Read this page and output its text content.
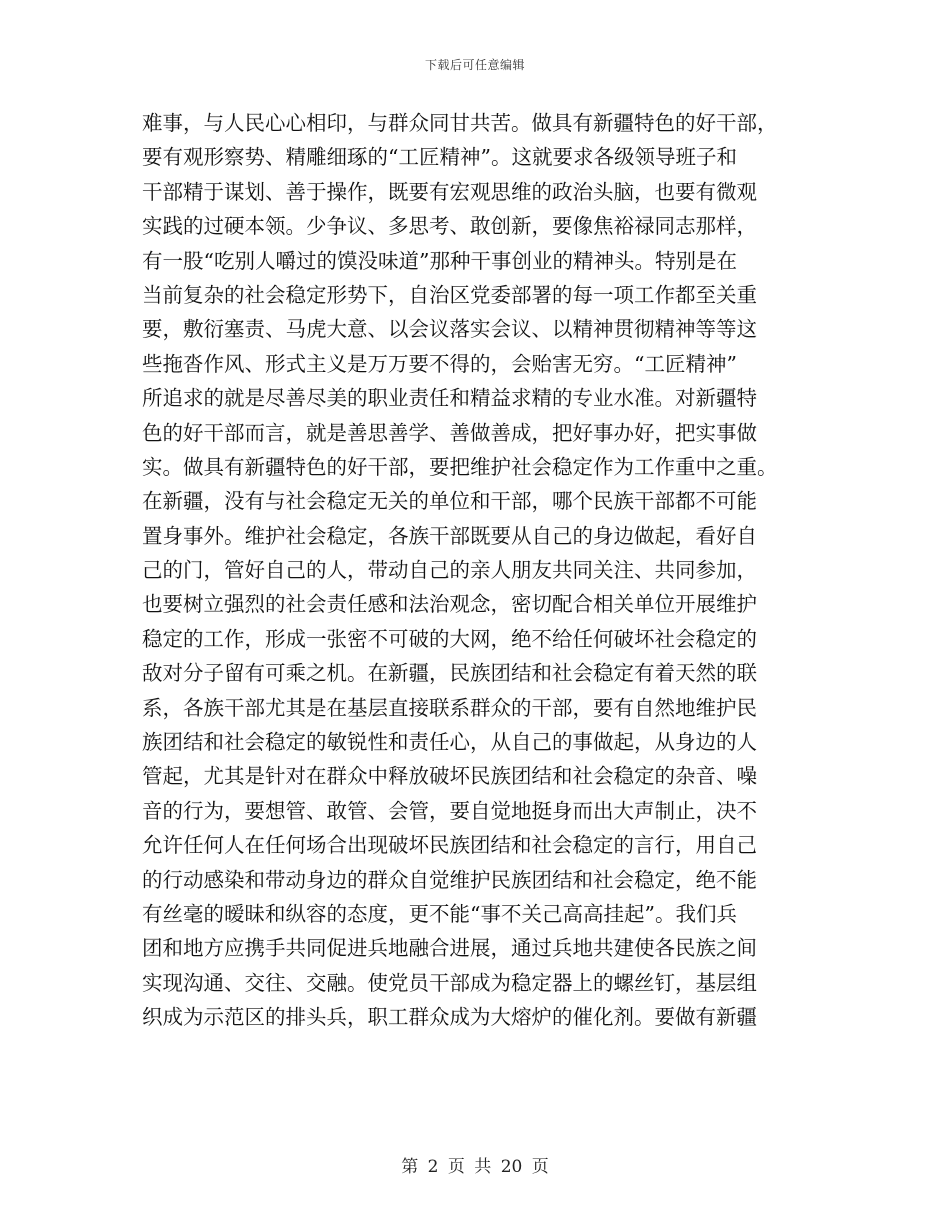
下载后可任意编辑
难事，与人民心心相印，与群众同甘共苦。做具有新疆特色的好干部，
要有观形察势、精雕细琢的“工匠精神”。这就要求各级领导班子和
干部精于谋划、善于操作，既要有宏观思维的政治头脑，也要有微观
实践的过硬本领。少争议、多思考、敢创新，要像焦裕禄同志那样，
有一股“吃别人嚼过的馍没味道”那种干事创业的精神头。特别是在
当前复杂的社会稳定形势下，自治区党委部署的每一项工作都至关重
要，敷衍塞责、马虎大意、以会议落实会议、以精神贯彻精神等等这
些拖沓作风、形式主义是万万要不得的，会贻害无穷。“工匠精神”
所追求的就是尽善尽美的职业责任和精益求精的专业水准。对新疆特
色的好干部而言，就是善思善学、善做善成，把好事办好，把实事做
实。做具有新疆特色的好干部，要把维护社会稳定作为工作重中之重。
在新疆，没有与社会稳定无关的单位和干部，哪个民族干部都不可能
置身事外。维护社会稳定，各族干部既要从自己的身边做起，看好自
己的门，管好自己的人，带动自己的亲人朋友共同关注、共同参加，
也要树立强烈的社会责任感和法治观念，密切配合相关单位开展维护
稳定的工作，形成一张密不可破的大网，绝不给任何破坏社会稳定的
敌对分子留有可乘之机。在新疆，民族团结和社会稳定有着天然的联
系，各族干部尤其是在基层直接联系群众的干部，要有自然地维护民
族团结和社会稳定的敏锐性和责任心，从自己的事做起，从身边的人
管起，尤其是针对在群众中释放破坏民族团结和社会稳定的杂音、噪
音的行为，要想管、敢管、会管，要自觉地挺身而出大声制止，决不
允许任何人在任何场合出现破坏民族团结和社会稳定的言行，用自己
的行动感染和带动身边的群众自觉维护民族团结和社会稳定，绝不能
有丝毫的暧昧和纵容的态度，更不能“事不关己高高挂起”。我们兵
团和地方应携手共同促进兵地融合进展，通过兵地共建使各民族之间
实现沟通、交往、交融。使党员干部成为稳定器上的螺丝钉，基层组
织成为示范区的排头兵，职工群众成为大熔炉的催化剂。要做有新疆
第 2 页 共 20 页
